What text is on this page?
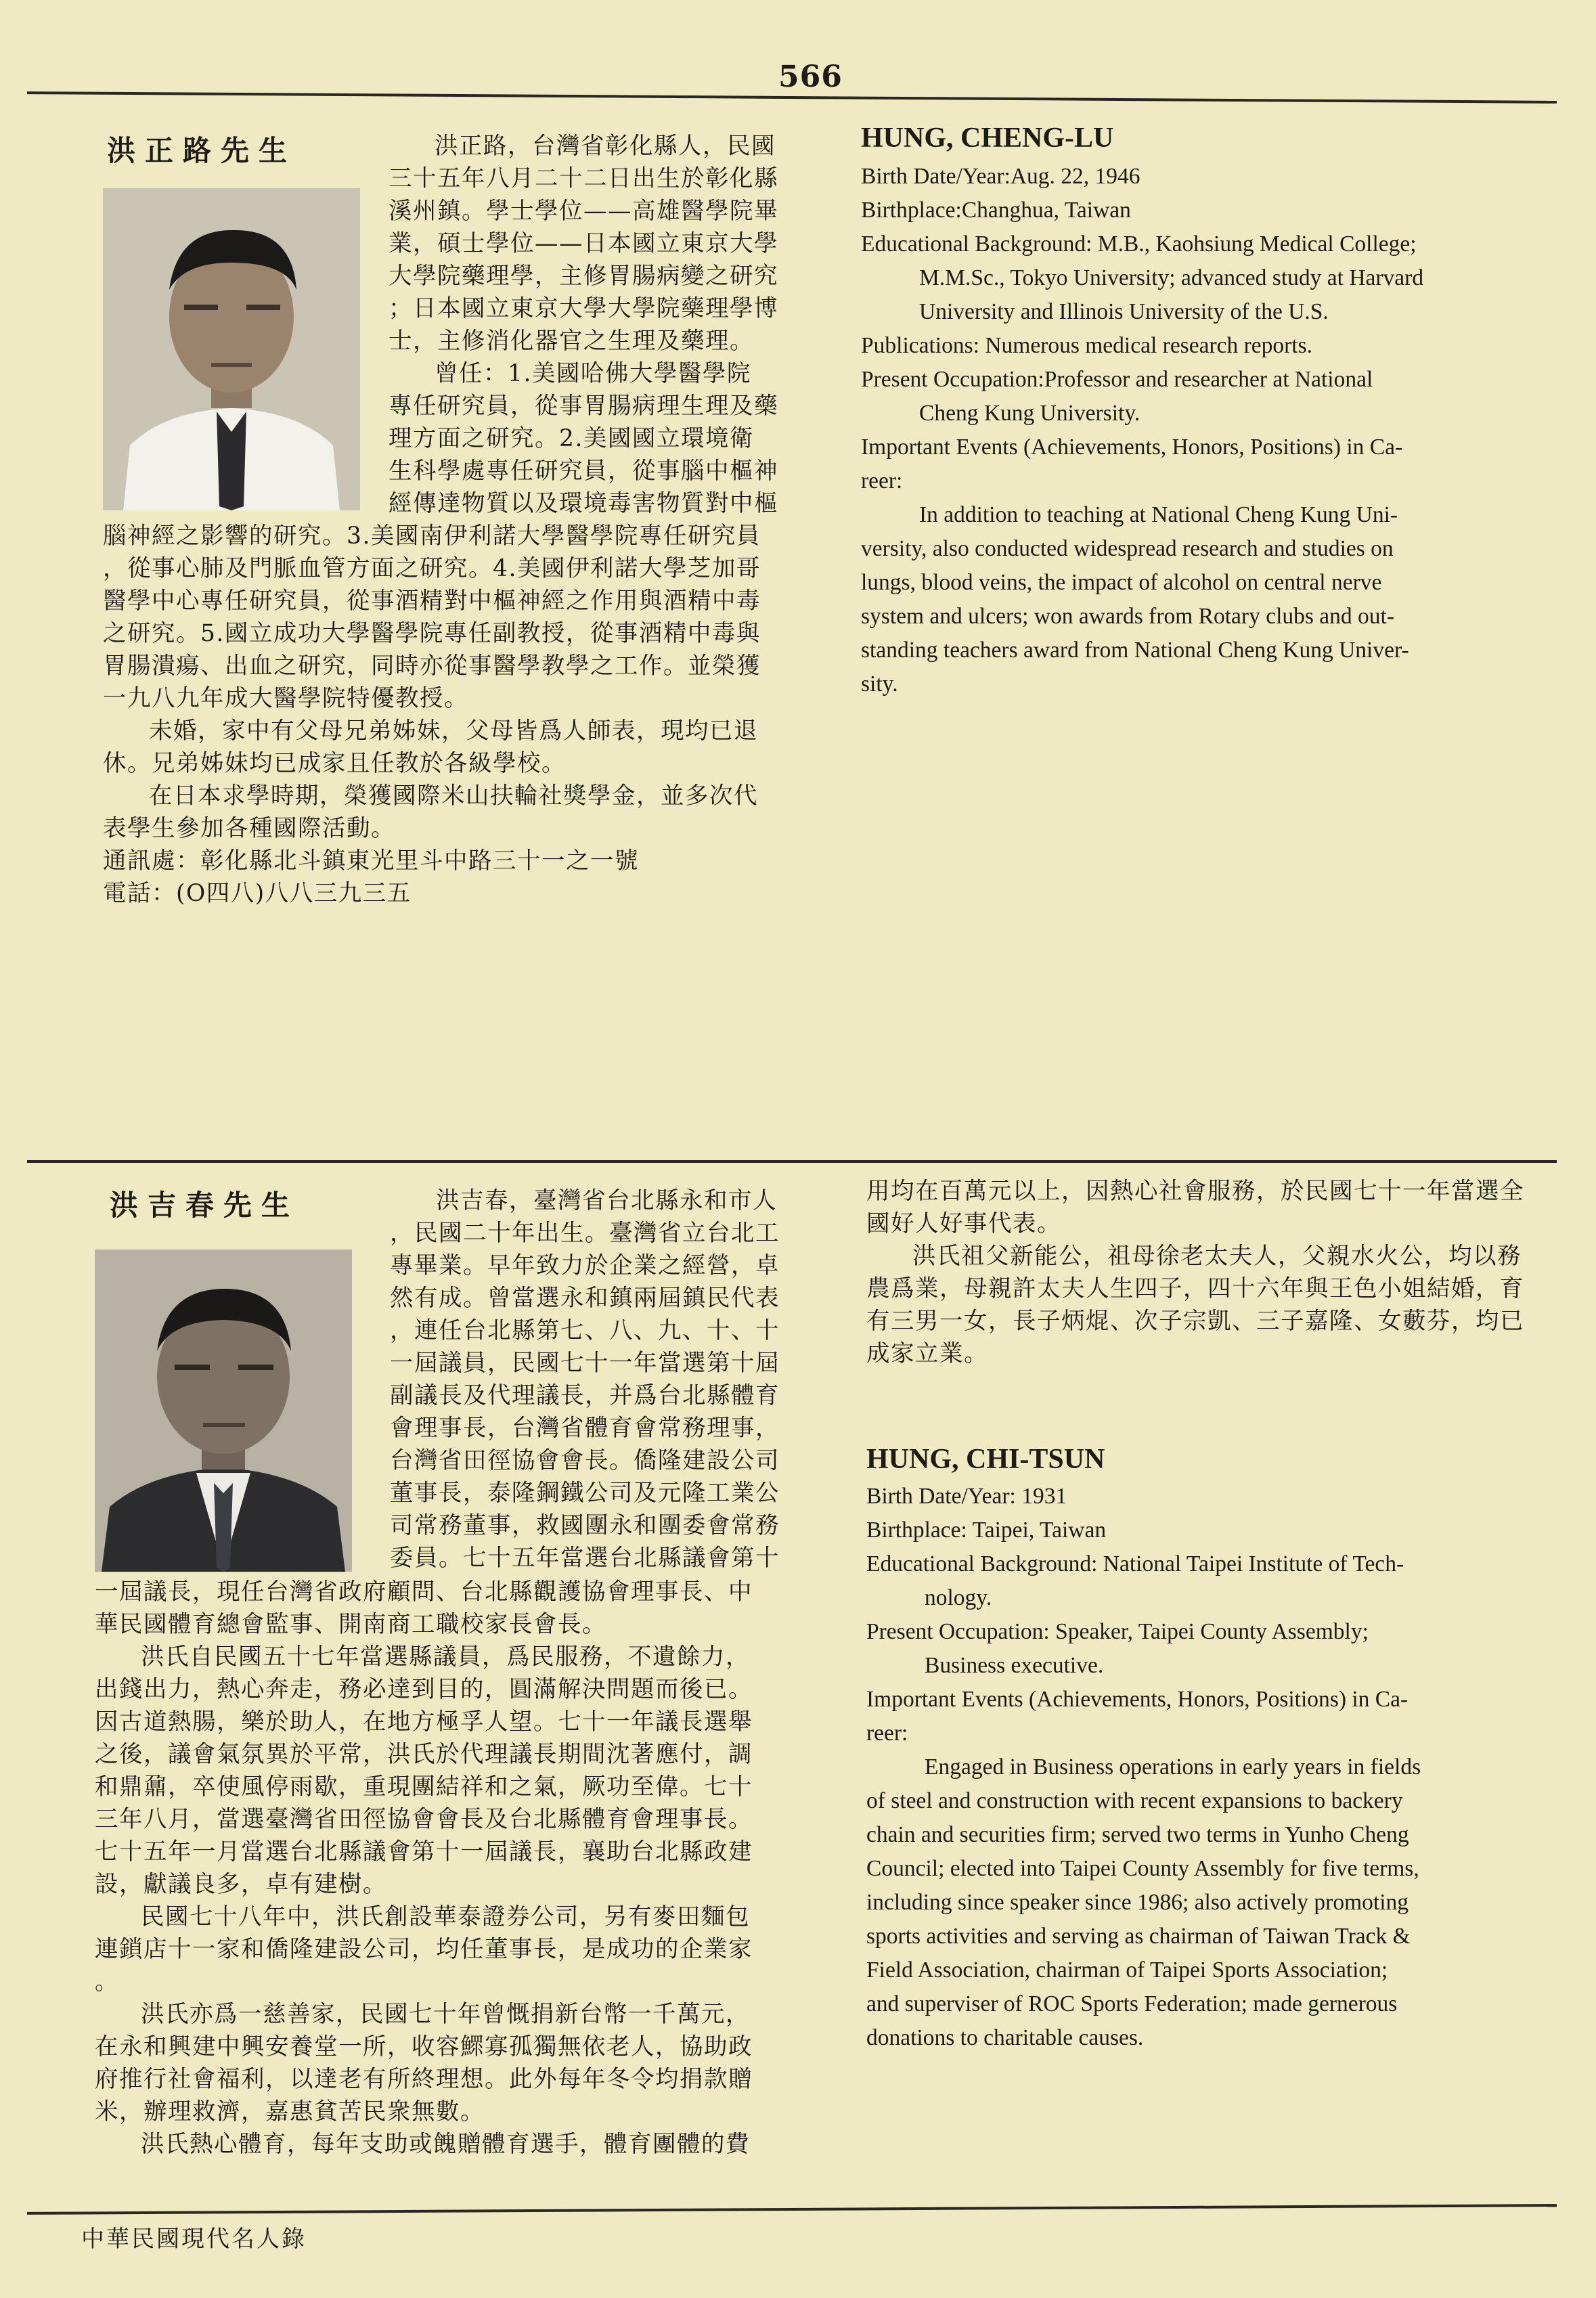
566
洪正路先生	洪正路，台灣省彰化縣人，民國

三十五年八月二十二日出生於彰化縣

溪州鎮。學士學位——高雄醫學院畢

業，碩士學位——日本國立東京大學

大學院藥理學，主修胃腸病變之研究

；日本國立東京大學大學院藥理學博

士，主修消化器官之生理及藥理。

曾任：1.美國哈佛大學醫學院

專任研究員，從事胃腸病理生理及藥

理方面之研究。2.美國國立環境衛

生科學處專任研究員，從事腦中樞神

經傳達物質以及環境毒害物質對中樞

腦神經之影響的研究。3.美國南伊利諾大學醫學院專任研究員

，從事心肺及門脈血管方面之研究。4.美國伊利諾大學芝加哥

醫學中心專任研究員，從事酒精對中樞神經之作用與酒精中毒

之研究。5.國立成功大學醫學院專任副教授，從事酒精中毒與

胃腸潰瘍、出血之研究，同時亦從事醫學教學之工作。並榮獲

一九八九年成大醫學院特優教授。

未婚，家中有父母兄弟姊妹，父母皆爲人師表，現均已退

休。兄弟姊妹均已成家且任教於各級學校。

在日本求學時期，榮獲國際米山扶輪社獎學金，並多次代

表學生參加各種國際活動。

通訊處：彰化縣北斗鎮東光里斗中路三十一之一號

電話：(O四八)八八三九三五

HUNG, CHENG-LU

Birth Date/Year:Aug. 22, 1946

Birthplace:Changhua, Taiwan

Educational Background: M.B., Kaohsiung Medical College;

M.M.Sc., Tokyo University; advanced study at Harvard

University and Illinois University of the U.S.

Publications: Numerous medical research reports.

Present Occupation:Professor and researcher at National

Cheng Kung University.

Important Events (Achievements, Honors, Positions) in Ca-

reer:

In addition to teaching at National Cheng Kung Uni-

versity, also conducted widespread research and studies on

lungs, blood veins, the impact of alcohol on central nerve

system and ulcers; won awards from Rotary clubs and out-

standing teachers award from National Cheng Kung Univer-

sity.

洪吉春先生	洪吉春，臺灣省台北縣永和市人

，民國二十年出生。臺灣省立台北工

專畢業。早年致力於企業之經營，卓

然有成。曾當選永和鎮兩屆鎮民代表

，連任台北縣第七、八、九、十、十

一屆議員，民國七十一年當選第十屆

副議長及代理議長，并爲台北縣體育

會理事長，台灣省體育會常務理事，

台灣省田徑協會會長。僑隆建設公司

董事長，泰隆鋼鐵公司及元隆工業公

司常務董事，救國團永和團委會常務

委員。七十五年當選台北縣議會第十

一屆議長，現任台灣省政府顧問、台北縣觀護協會理事長、中

華民國體育總會監事、開南商工職校家長會長。

洪氏自民國五十七年當選縣議員，爲民服務，不遺餘力，

出錢出力，熱心奔走，務必達到目的，圓滿解決問題而後已。

因古道熱腸，樂於助人，在地方極孚人望。七十一年議長選舉

之後，議會氣氛異於平常，洪氏於代理議長期間沈著應付，調

和鼎鼐，卒使風停雨歇，重現團結祥和之氣，厥功至偉。七十

三年八月，當選臺灣省田徑協會會長及台北縣體育會理事長。

七十五年一月當選台北縣議會第十一屆議長，襄助台北縣政建

設，獻議良多，卓有建樹。

民國七十八年中，洪氏創設華泰證券公司，另有麥田麵包

連鎖店十一家和僑隆建設公司，均任董事長，是成功的企業家

。

洪氏亦爲一慈善家，民國七十年曾慨捐新台幣一千萬元，

在永和興建中興安養堂一所，收容鰥寡孤獨無依老人，協助政

府推行社會福利，以達老有所終理想。此外每年冬令均捐款贈

米，辦理救濟，嘉惠貧苦民衆無數。

洪氏熱心體育，每年支助或餽贈體育選手，體育團體的費

用均在百萬元以上，因熱心社會服務，於民國七十一年當選全

國好人好事代表。

洪氏祖父新能公，祖母徐老太夫人，父親水火公，均以務

農爲業，母親許太夫人生四子，四十六年與王色小姐結婚，育

有三男一女，長子炳焜、次子宗凱、三子嘉隆、女藪芬，均已

成家立業。

HUNG, CHI-TSUN

Birth Date/Year: 1931

Birthplace: Taipei, Taiwan

Educational Background: National Taipei Institute of Tech-

nology.

Present Occupation: Speaker, Taipei County Assembly;

Business executive.

Important Events (Achievements, Honors, Positions) in Ca-

reer:

Engaged in Business operations in early years in fields

of steel and construction with recent expansions to backery

chain and securities firm; served two terms in Yunho Cheng

Council; elected into Taipei County Assembly for five terms,

including since speaker since 1986; also actively promoting

sports activities and serving as chairman of Taiwan Track &

Field Association, chairman of Taipei Sports Association;

and superviser of ROC Sports Federation; made gernerous

donations to charitable causes.

中華民國現代名人錄
